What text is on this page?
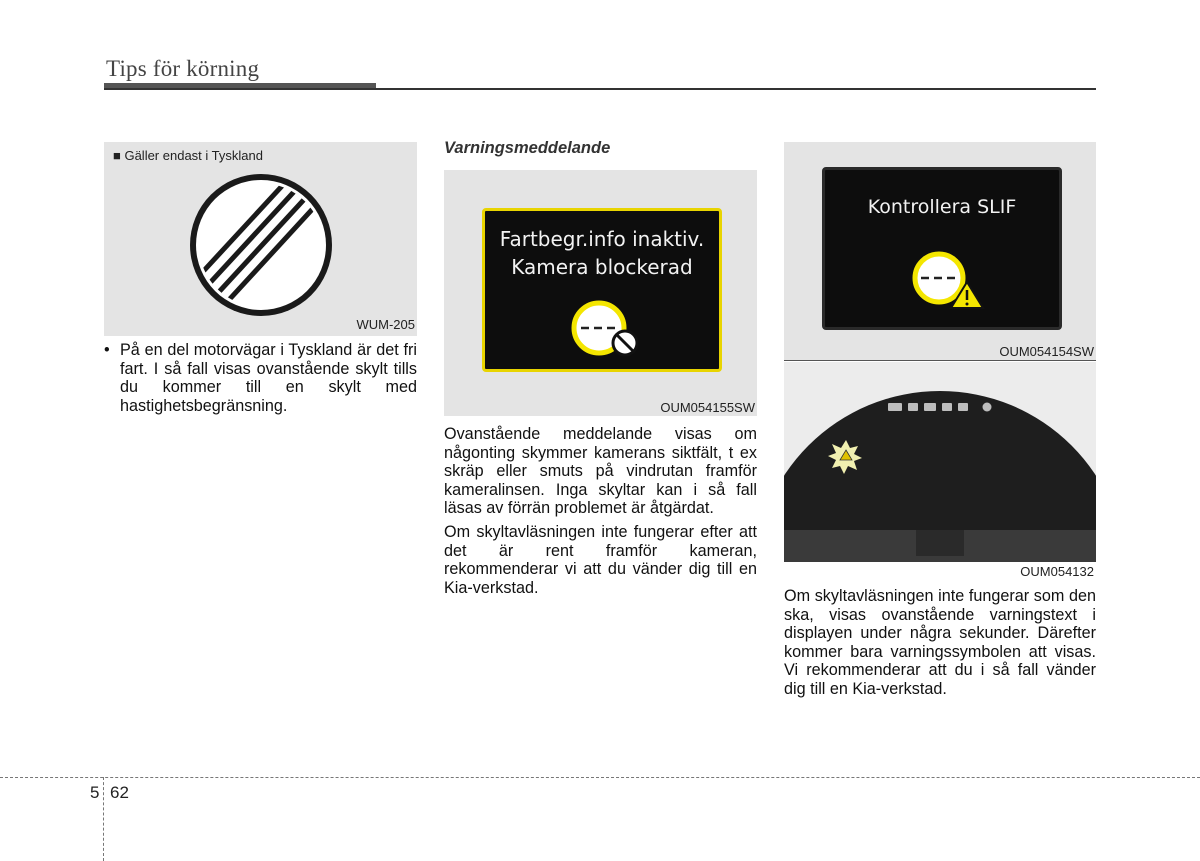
Tips för körning
■ Gäller endast i Tyskland
WUM-205
• På en del motorvägar i Tyskland är det fri fart. I så fall visas ovanstående skylt tills du kommer till en skylt med hastighetsbegränsning.
Varningsmeddelande
Fartbegr.info inaktiv.
Kamera blockerad
OUM054155SW

Ovanstående meddelande visas om någonting skymmer kamerans siktfält, t ex skräp eller smuts på vindrutan framför kameralinsen. Inga skyltar kan i så fall läsas av förrän problemet är åtgärdat.

Om skyltavläsningen inte fungerar efter att det är rent framför kameran, rekommenderar vi att du vänder dig till en Kia-verkstad.

Kontrollera SLIF
OUM054154SW
OUM054132

Om skyltavläsningen inte fungerar som den ska, visas ovanstående varningstext i displayen under några sekunder. Därefter kommer bara varningssymbolen att visas. Vi rekommenderar att du i så fall vänder dig till en Kia-verkstad.

5 62
